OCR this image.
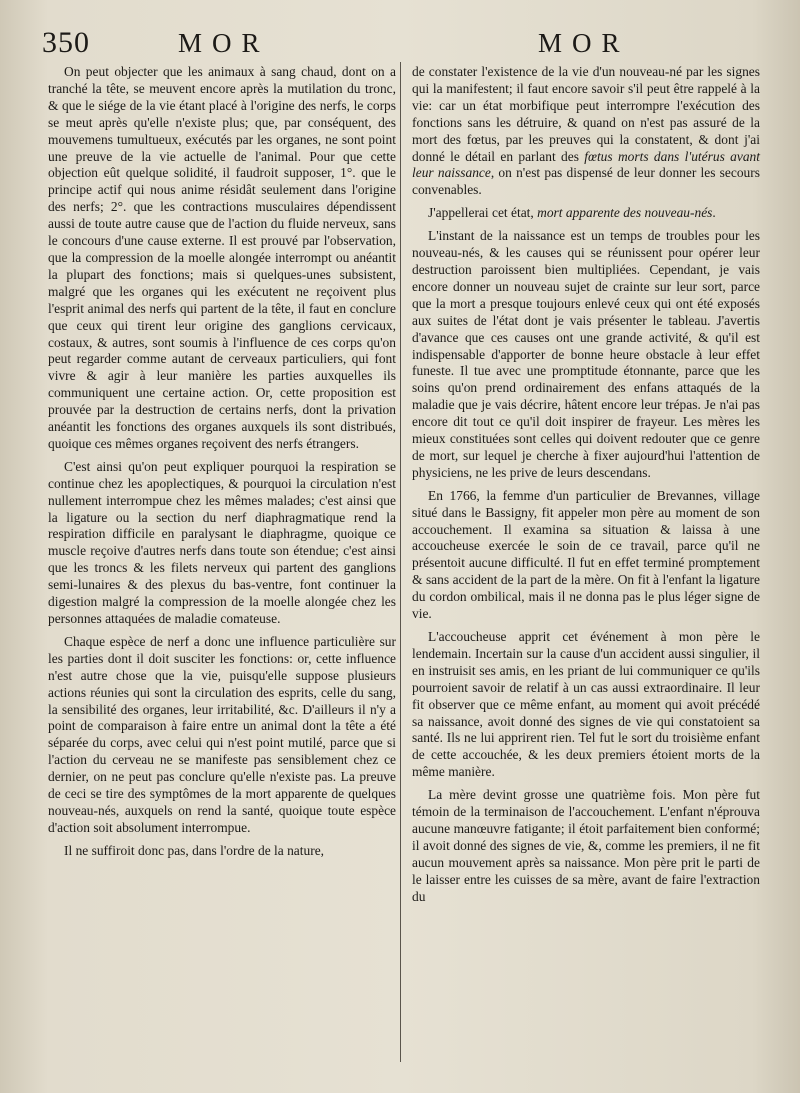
350	MOR	MOR

On peut objecter que les animaux à sang chaud, dont on a tranché la tête, se meuvent encore après la mutilation du tronc, & que le siége de la vie étant placé à l'origine des nerfs, le corps se meut après qu'elle n'existe plus; que, par conséquent, des mouvemens tumultueux, exécutés par les organes, ne sont point une preuve de la vie actuelle de l'animal. Pour que cette objection eût quelque solidité, il faudroit supposer, 1°. que le principe actif qui nous anime résidât seulement dans l'origine des nerfs; 2°. que les contractions musculaires dépendissent aussi de toute autre cause que de l'action du fluide nerveux, sans le concours d'une cause externe. Il est prouvé par l'observation, que la compression de la moelle alongée interrompt ou anéantit la plupart des fonctions; mais si quelques-unes subsistent, malgré que les organes qui les exécutent ne reçoivent plus l'esprit animal des nerfs qui partent de la tête, il faut en conclure que ceux qui tirent leur origine des ganglions cervicaux, costaux, & autres, sont soumis à l'influence de ces corps qu'on peut regarder comme autant de cerveaux particuliers, qui font vivre & agir à leur manière les parties auxquelles ils communiquent une certaine action. Or, cette proposition est prouvée par la destruction de certains nerfs, dont la privation anéantit les fonctions des organes auxquels ils sont distribués, quoique ces mêmes organes reçoivent des nerfs étrangers.

C'est ainsi qu'on peut expliquer pourquoi la respiration se continue chez les apoplectiques, & pourquoi la circulation n'est nullement interrompue chez les mêmes malades; c'est ainsi que la ligature ou la section du nerf diaphragmatique rend la respiration difficile en paralysant le diaphragme, quoique ce muscle reçoive d'autres nerfs dans toute son étendue; c'est ainsi que les troncs & les filets nerveux qui partent des ganglions semi-lunaires & des plexus du bas-ventre, font continuer la digestion malgré la compression de la moelle alongée chez les personnes attaquées de maladie comateuse.

Chaque espèce de nerf a donc une influence particulière sur les parties dont il doit susciter les fonctions: or, cette influence n'est autre chose que la vie, puisqu'elle suppose plusieurs actions réunies qui sont la circulation des esprits, celle du sang, la sensibilité des organes, leur irritabilité, &c. D'ailleurs il n'y a point de comparaison à faire entre un animal dont la tête a été séparée du corps, avec celui qui n'est point mutilé, parce que si l'action du cerveau ne se manifeste pas sensiblement chez ce dernier, on ne peut pas conclure qu'elle n'existe pas. La preuve de ceci se tire des symptômes de la mort apparente de quelques nouveau-nés, auxquels on rend la santé, quoique toute espèce d'action soit absolument interrompue.

Il ne suffiroit donc pas, dans l'ordre de la nature,

de constater l'existence de la vie d'un nouveau-né par les signes qui la manifestent; il faut encore savoir s'il peut être rappelé à la vie: car un état morbifique peut interrompre l'exécution des fonctions sans les détruire, & quand on n'est pas assuré de la mort des fœtus, par les preuves qui la constatent, & dont j'ai donné le détail en parlant des fœtus morts dans l'utérus avant leur naissance, on n'est pas dispensé de leur donner les secours convenables.

J'appellerai cet état, mort apparente des nouveau-nés.

L'instant de la naissance est un temps de troubles pour les nouveau-nés, & les causes qui se réunissent pour opérer leur destruction paroissent bien multipliées. Cependant, je vais encore donner un nouveau sujet de crainte sur leur sort, parce que la mort a presque toujours enlevé ceux qui ont été exposés aux suites de l'état dont je vais présenter le tableau. J'avertis d'avance que ces causes ont une grande activité, & qu'il est indispensable d'apporter de bonne heure obstacle à leur effet funeste. Il tue avec une promptitude étonnante, parce que les soins qu'on prend ordinairement des enfans attaqués de la maladie que je vais décrire, hâtent encore leur trépas. Je n'ai pas encore dit tout ce qu'il doit inspirer de frayeur. Les mères les mieux constituées sont celles qui doivent redouter que ce genre de mort, sur lequel je cherche à fixer aujourd'hui l'attention de physiciens, ne les prive de leurs descendans.

En 1766, la femme d'un particulier de Brevannes, village situé dans le Bassigny, fit appeler mon père au moment de son accouchement. Il examina sa situation & laissa à une accoucheuse exercée le soin de ce travail, parce qu'il ne présentoit aucune difficulté. Il fut en effet terminé promptement & sans accident de la part de la mère. On fit à l'enfant la ligature du cordon ombilical, mais il ne donna pas le plus léger signe de vie.

L'accoucheuse apprit cet événement à mon père le lendemain. Incertain sur la cause d'un accident aussi singulier, il en instruisit ses amis, en les priant de lui communiquer ce qu'ils pourroient savoir de relatif à un cas aussi extraordinaire. Il leur fit observer que ce même enfant, au moment qui avoit précédé sa naissance, avoit donné des signes de vie qui constatoient sa santé. Ils ne lui apprirent rien. Tel fut le sort du troisième enfant de cette accouchée, & les deux premiers étoient morts de la même manière.

La mère devint grosse une quatrième fois. Mon père fut témoin de la terminaison de l'accouchement. L'enfant n'éprouva aucune manœuvre fatigante; il étoit parfaitement bien conformé; il avoit donné des signes de vie, &, comme les premiers, il ne fit aucun mouvement après sa naissance. Mon père prit le parti de le laisser entre les cuisses de sa mère, avant de faire l'extraction du
